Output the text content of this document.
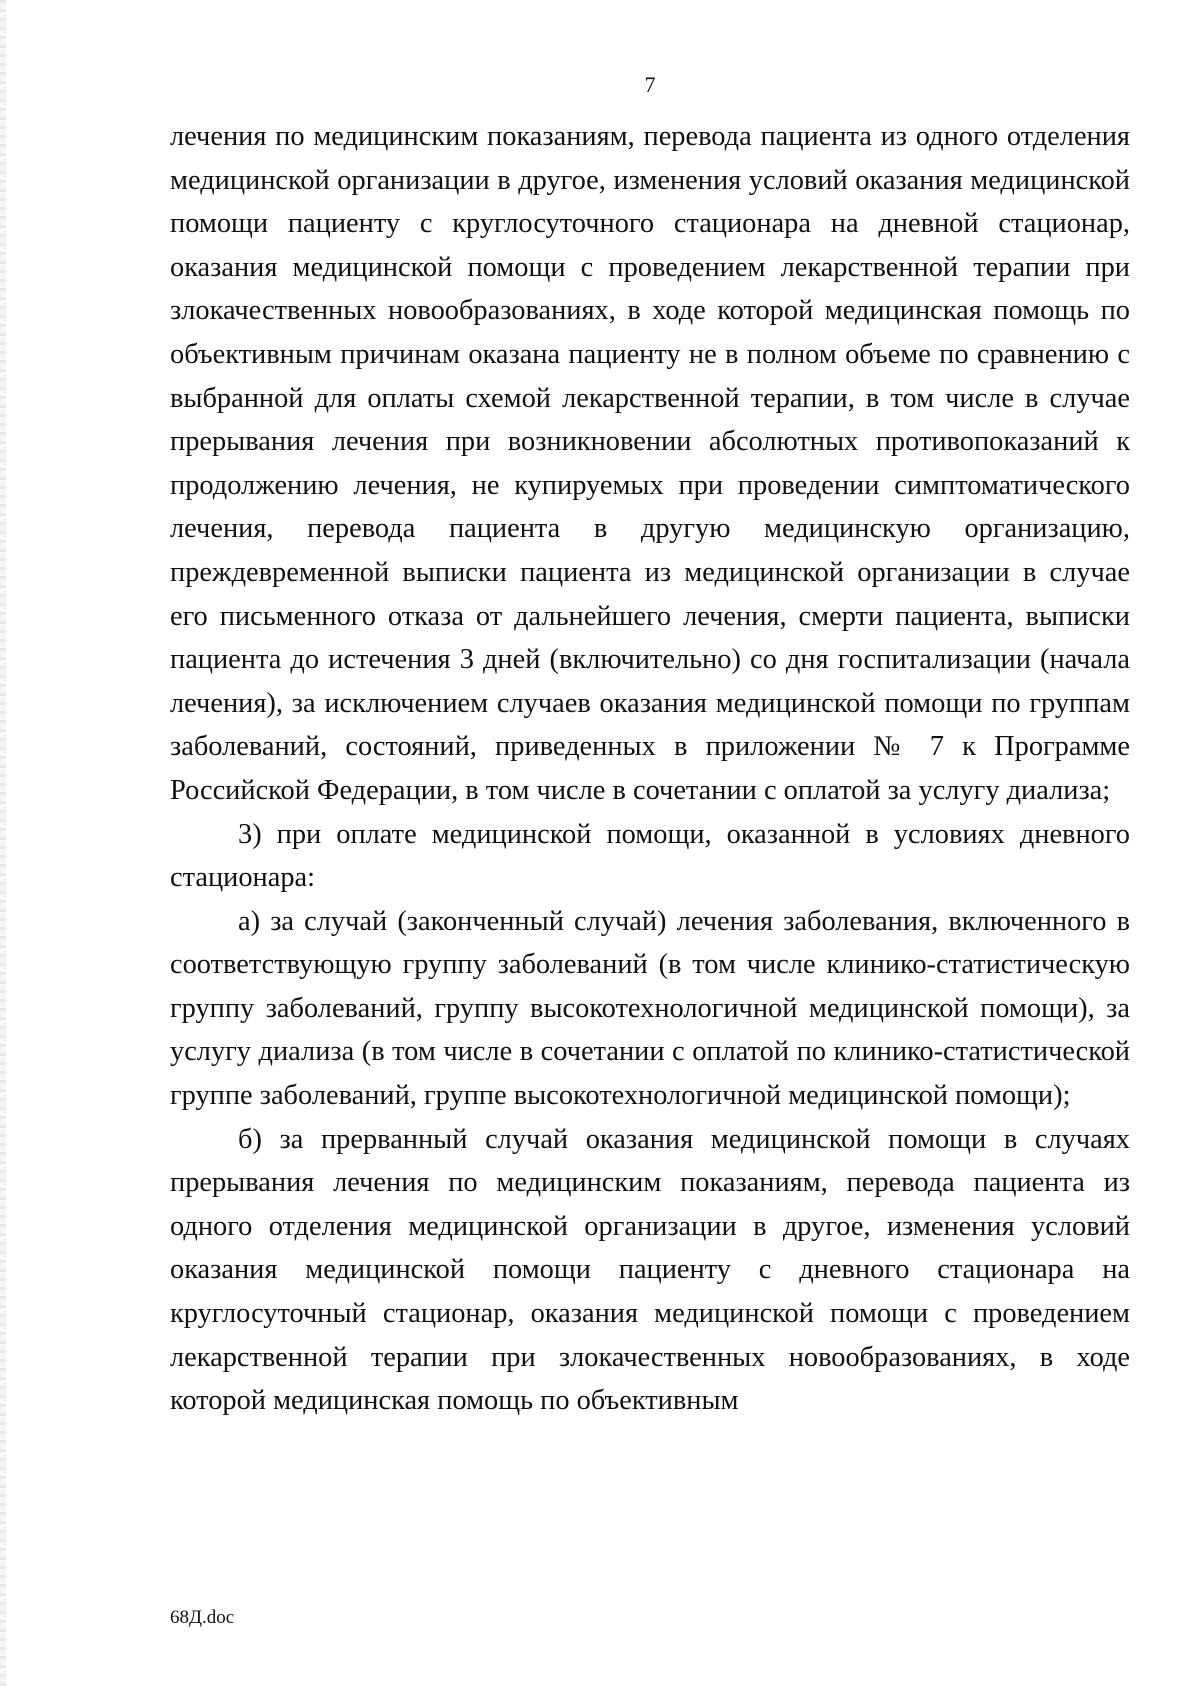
7

лечения по медицинским показаниям, перевода пациента из одного отделения медицинской организации в другое, изменения условий оказания медицинской помощи пациенту с круглосуточного стационара на дневной стационар, оказания медицинской помощи с проведением лекарственной терапии при злокачественных новообразованиях, в ходе которой медицинская помощь по объективным причинам оказана пациенту не в полном объеме по сравнению с выбранной для оплаты схемой лекарственной терапии, в том числе в случае прерывания лечения при возникновении абсолютных противопоказаний к продолжению лечения, не купируемых при проведении симптоматического лечения, перевода пациента в другую медицинскую организацию, преждевременной выписки пациента из медицинской организации в случае его письменного отказа от дальнейшего лечения, смерти пациента, выписки пациента до истечения 3 дней (включительно) со дня госпитализации (начала лечения), за исключением случаев оказания медицинской помощи по группам заболеваний, состояний, приведенных в приложении № 7 к Программе Российской Федерации, в том числе в сочетании с оплатой за услугу диализа;

3) при оплате медицинской помощи, оказанной в условиях дневного стационара:

а) за случай (законченный случай) лечения заболевания, включенного в соответствующую группу заболеваний (в том числе клинико-статистическую группу заболеваний, группу высокотехнологичной медицинской помощи), за услугу диализа (в том числе в сочетании с оплатой по клинико-статистической группе заболеваний, группе высокотехнологичной медицинской помощи);

б) за прерванный случай оказания медицинской помощи в случаях прерывания лечения по медицинским показаниям, перевода пациента из одного отделения медицинской организации в другое, изменения условий оказания медицинской помощи пациенту с дневного стационара на круглосуточный стационар, оказания медицинской помощи с проведением лекарственной терапии при злокачественных новообразованиях, в ходе которой медицинская помощь по объективным

68Д.doc
